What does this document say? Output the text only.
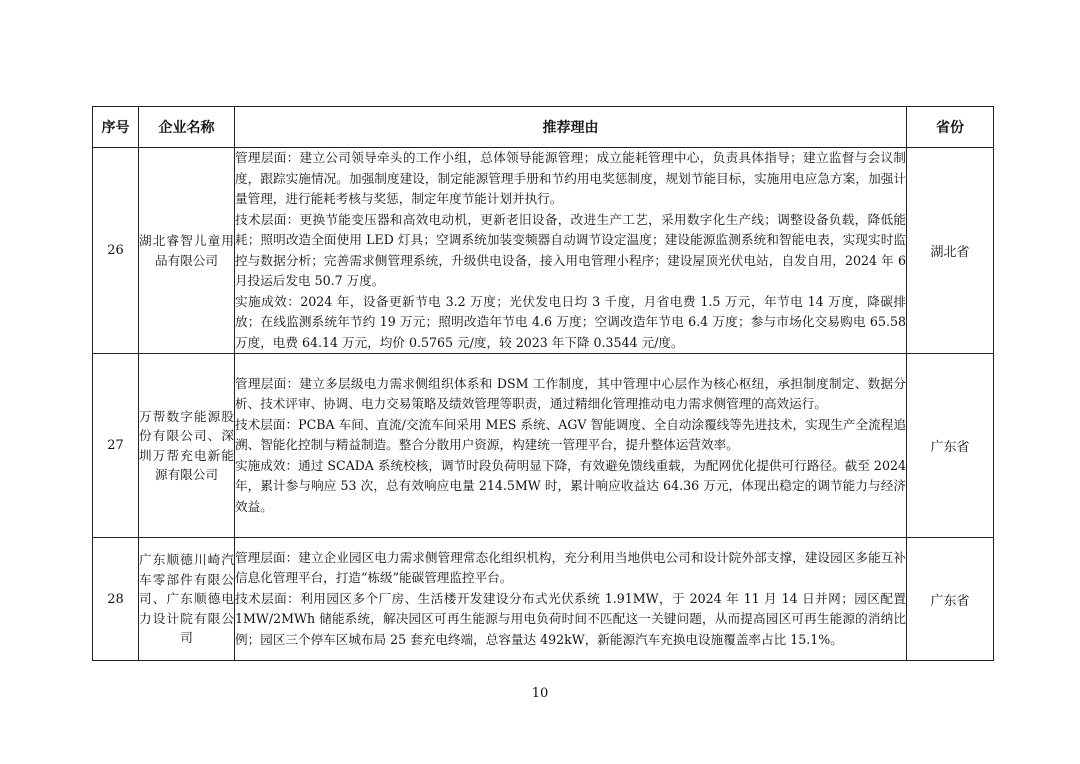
序号	企业名称	推荐理由	省份
26	湖北睿智儿童用品有限公司	管理层面：建立公司领导牵头的工作小组，总体领导能源管理；成立能耗管理中心，负责具体指导；建立监督与会议制度，跟踪实施情况。加强制度建设，制定能源管理手册和节约用电奖惩制度，规划节能目标，实施用电应急方案，加强计量管理，进行能耗考核与奖惩，制定年度节能计划并执行。
技术层面：更换节能变压器和高效电动机，更新老旧设备，改进生产工艺，采用数字化生产线；调整设备负载，降低能耗；照明改造全面使用 LED 灯具；空调系统加装变频器自动调节设定温度；建设能源监测系统和智能电表，实现实时监控与数据分析；完善需求侧管理系统，升级供电设备，接入用电管理小程序；建设屋顶光伏电站，自发自用，2024 年 6 月投运后发电 50.7 万度。
实施成效：2024 年，设备更新节电 3.2 万度；光伏发电日均 3 千度，月省电费 1.5 万元，年节电 14 万度，降碳排放；在线监测系统年节约 19 万元；照明改造年节电 4.6 万度；空调改造年节电 6.4 万度；参与市场化交易购电 65.58 万度，电费 64.14 万元，均价 0.5765 元/度，较 2023 年下降 0.3544 元/度。	湖北省
27	万帮数字能源股份有限公司、深圳万帮充电新能源有限公司	管理层面：建立多层级电力需求侧组织体系和 DSM 工作制度，其中管理中心层作为核心枢纽，承担制度制定、数据分析、技术评审、协调、电力交易策略及绩效管理等职责，通过精细化管理推动电力需求侧管理的高效运行。
技术层面：PCBA 车间、直流/交流车间采用 MES 系统、AGV 智能调度、全自动涂覆线等先进技术，实现生产全流程追溯、智能化控制与精益制造。整合分散用户资源，构建统一管理平台，提升整体运营效率。
实施成效：通过 SCADA 系统校核，调节时段负荷明显下降，有效避免馈线重载，为配网优化提供可行路径。截至 2024 年，累计参与响应 53 次，总有效响应电量 214.5MW 时，累计响应收益达 64.36 万元，体现出稳定的调节能力与经济效益。	广东省
28	广东顺德川崎汽车零部件有限公司、广东顺德电力设计院有限公司	管理层面：建立企业园区电力需求侧管理常态化组织机构，充分利用当地供电公司和设计院外部支撑，建设园区多能互补信息化管理平台，打造“栋级”能碳管理监控平台。
技术层面：利用园区多个厂房、生活楼开发建设分布式光伏系统 1.91MW，于 2024 年 11 月 14 日并网；园区配置 1MW/2MWh 储能系统，解决园区可再生能源与用电负荷时间不匹配这一关键问题，从而提高园区可再生能源的消纳比例；园区三个停车区城布局 25 套充电终端，总容量达 492kW，新能源汽车充换电设施覆盖率占比 15.1%。	广东省
10
